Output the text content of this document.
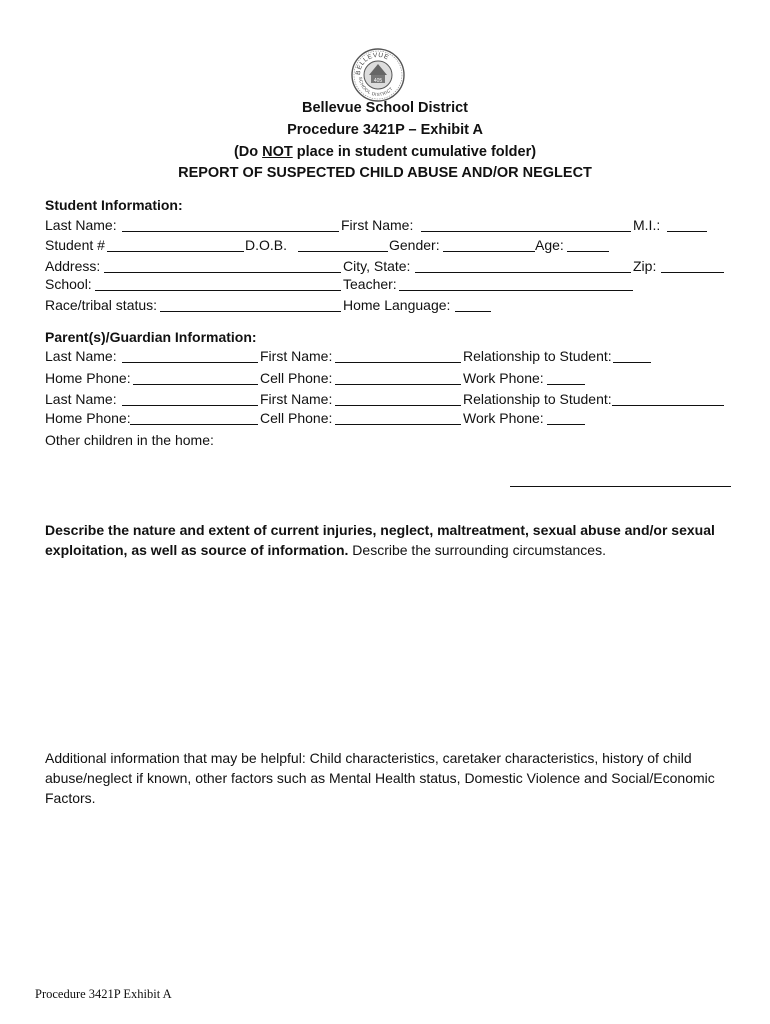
BELLEVUE
SCHOOL DISTRICT
405
Bellevue School District
Procedure 3421P – Exhibit A
(Do NOT place in student cumulative folder)
REPORT OF SUSPECTED CHILD ABUSE AND/OR NEGLECT
Student Information:
Last Name:	First Name:	M.I.:
Student #	D.O.B.	Gender:	Age:
Address:	City, State:	Zip:
School:	Teacher:
Race/tribal status:	Home Language:
Parent(s)/Guardian Information:
Last Name:	First Name:	Relationship to Student:
Home Phone:	Cell Phone:	Work Phone:
Last Name:	First Name:	Relationship to Student:
Home Phone:	Cell Phone:	Work Phone:
Other children in the home:
Describe the nature and extent of current injuries, neglect, maltreatment, sexual abuse and/or sexual exploitation, as well as source of information. Describe the surrounding circumstances.
Additional information that may be helpful: Child characteristics, caretaker characteristics, history of child abuse/neglect if known, other factors such as Mental Health status, Domestic Violence and Social/Economic Factors.
Procedure 3421P Exhibit A
